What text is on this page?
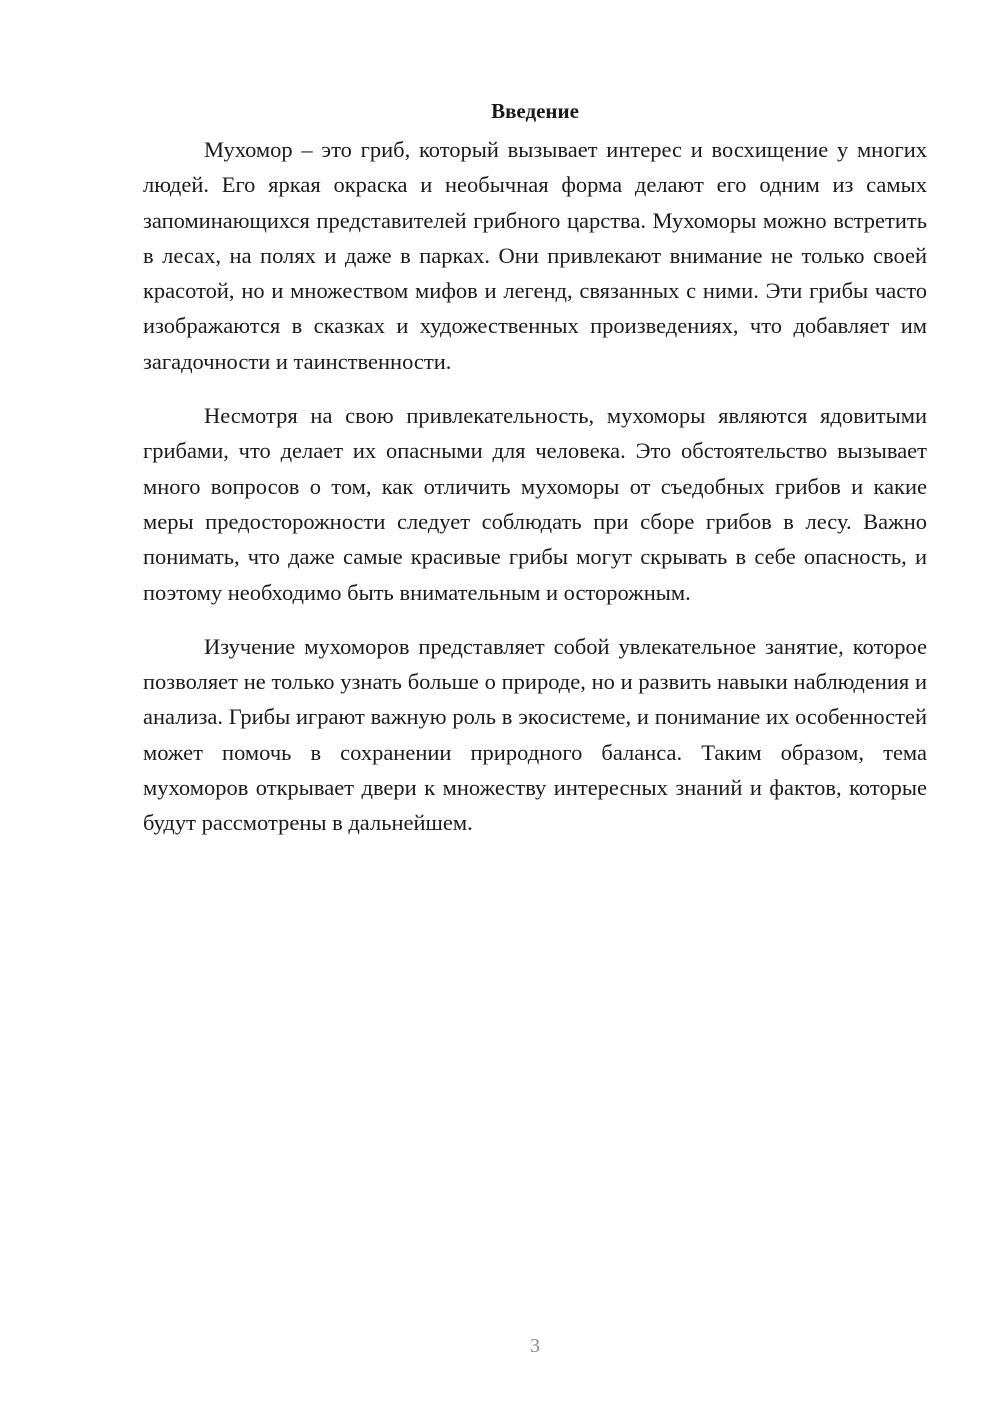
Введение

Мухомор – это гриб, который вызывает интерес и восхищение у многих людей. Его яркая окраска и необычная форма делают его одним из самых запоминающихся представителей грибного царства. Мухоморы можно встретить в лесах, на полях и даже в парках. Они привлекают внимание не только своей красотой, но и множеством мифов и легенд, связанных с ними. Эти грибы часто изображаются в сказках и художественных произведениях, что добавляет им загадочности и таинственности.

Несмотря на свою привлекательность, мухоморы являются ядовитыми грибами, что делает их опасными для человека. Это обстоятельство вызывает много вопросов о том, как отличить мухоморы от съедобных грибов и какие меры предосторожности следует соблюдать при сборе грибов в лесу. Важно понимать, что даже самые красивые грибы могут скрывать в себе опасность, и поэтому необходимо быть внимательным и осторожным.

Изучение мухоморов представляет собой увлекательное занятие, которое позволяет не только узнать больше о природе, но и развить навыки наблюдения и анализа. Грибы играют важную роль в экосистеме, и понимание их особенностей может помочь в сохранении природного баланса. Таким образом, тема мухоморов открывает двери к множеству интересных знаний и фактов, которые будут рассмотрены в дальнейшем.

3
